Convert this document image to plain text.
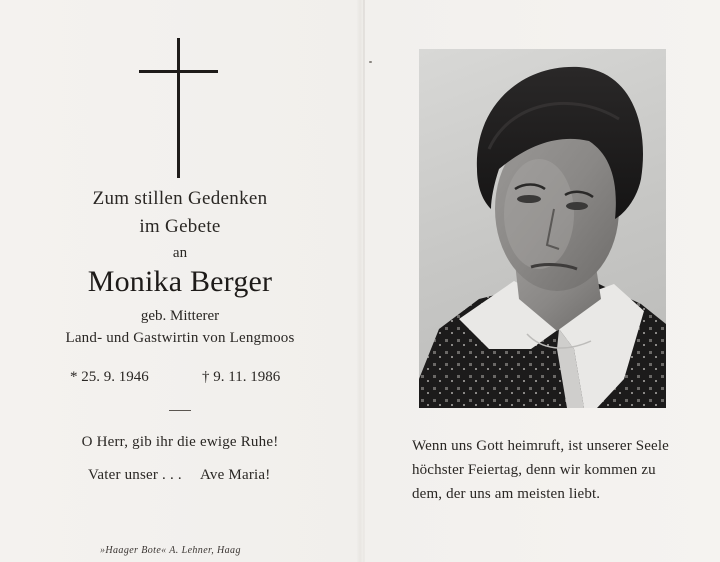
Zum stillen Gedenken
im Gebete
an
Monika Berger
geb. Mitterer
Land- und Gastwirtin von Lengmoos
* 25. 9. 1946	† 9. 11. 1986
O Herr, gib ihr die ewige Ruhe!
Vater unser . . . Ave Maria!
»Haager Bote« A. Lehner, Haag
Wenn uns Gott heimruft, ist unserer Seele
höchster Feiertag, denn wir kommen zu
dem, der uns am meisten liebt.
